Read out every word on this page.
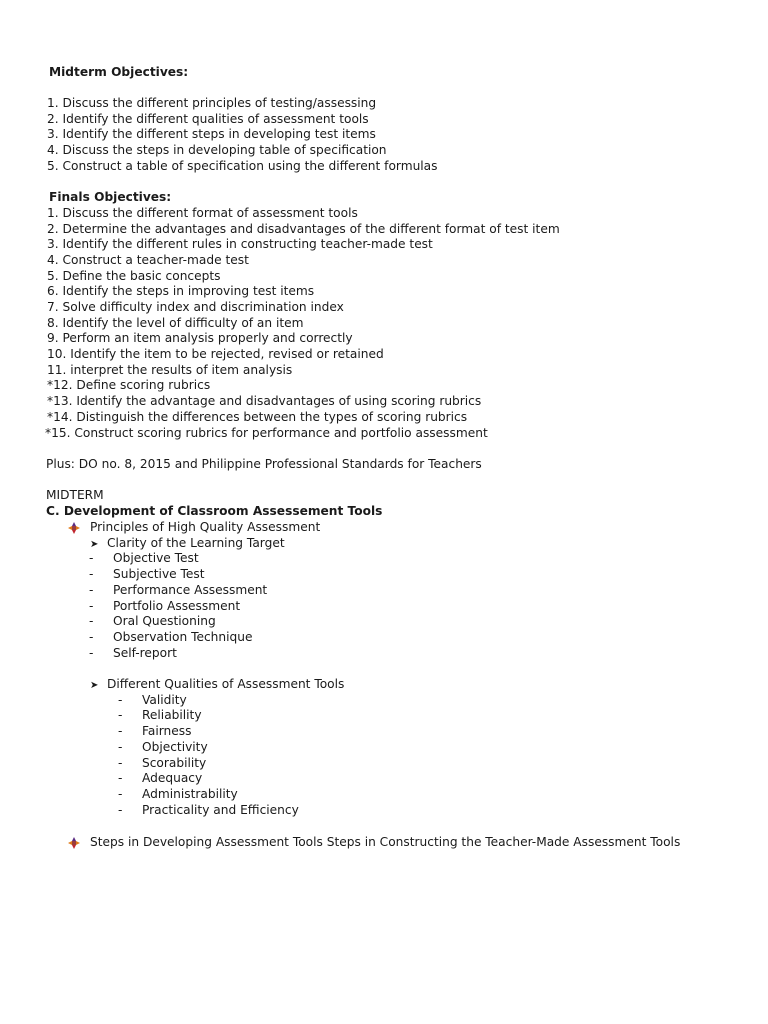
Midterm Objectives:
1. Discuss the different principles of testing/assessing
2. Identify the different qualities of assessment tools
3. Identify the different steps in developing test items
4. Discuss the steps in developing table of specification
5. Construct a table of specification using the different formulas
Finals Objectives:
1. Discuss the different format of assessment tools
2. Determine the advantages and disadvantages of the different format of test item
3. Identify the different rules in constructing teacher-made test
4. Construct a teacher-made test
5. Define the basic concepts
6. Identify the steps in improving test items
7. Solve difficulty index and discrimination index
8. Identify the level of difficulty of an item
9. Perform an item analysis properly and correctly
10. Identify the item to be rejected, revised or retained
11. interpret the results of item analysis
*12. Define scoring rubrics
*13. Identify the advantage and disadvantages of using scoring rubrics
*14. Distinguish the differences between the types of scoring rubrics
*15. Construct scoring rubrics for performance and portfolio assessment
Plus: DO no. 8, 2015 and Philippine Professional Standards for Teachers
MIDTERM
C. Development of Classroom Assessement Tools
Principles of High Quality Assessment
➤ Clarity of the Learning Target
- Objective Test
- Subjective Test
- Performance Assessment
- Portfolio Assessment
- Oral Questioning
- Observation Technique
- Self-report
➤ Different Qualities of Assessment Tools
- Validity
- Reliability
- Fairness
- Objectivity
- Scorability
- Adequacy
- Administrability
- Practicality and Efficiency
Steps in Developing Assessment Tools Steps in Constructing the Teacher-Made Assessment Tools
